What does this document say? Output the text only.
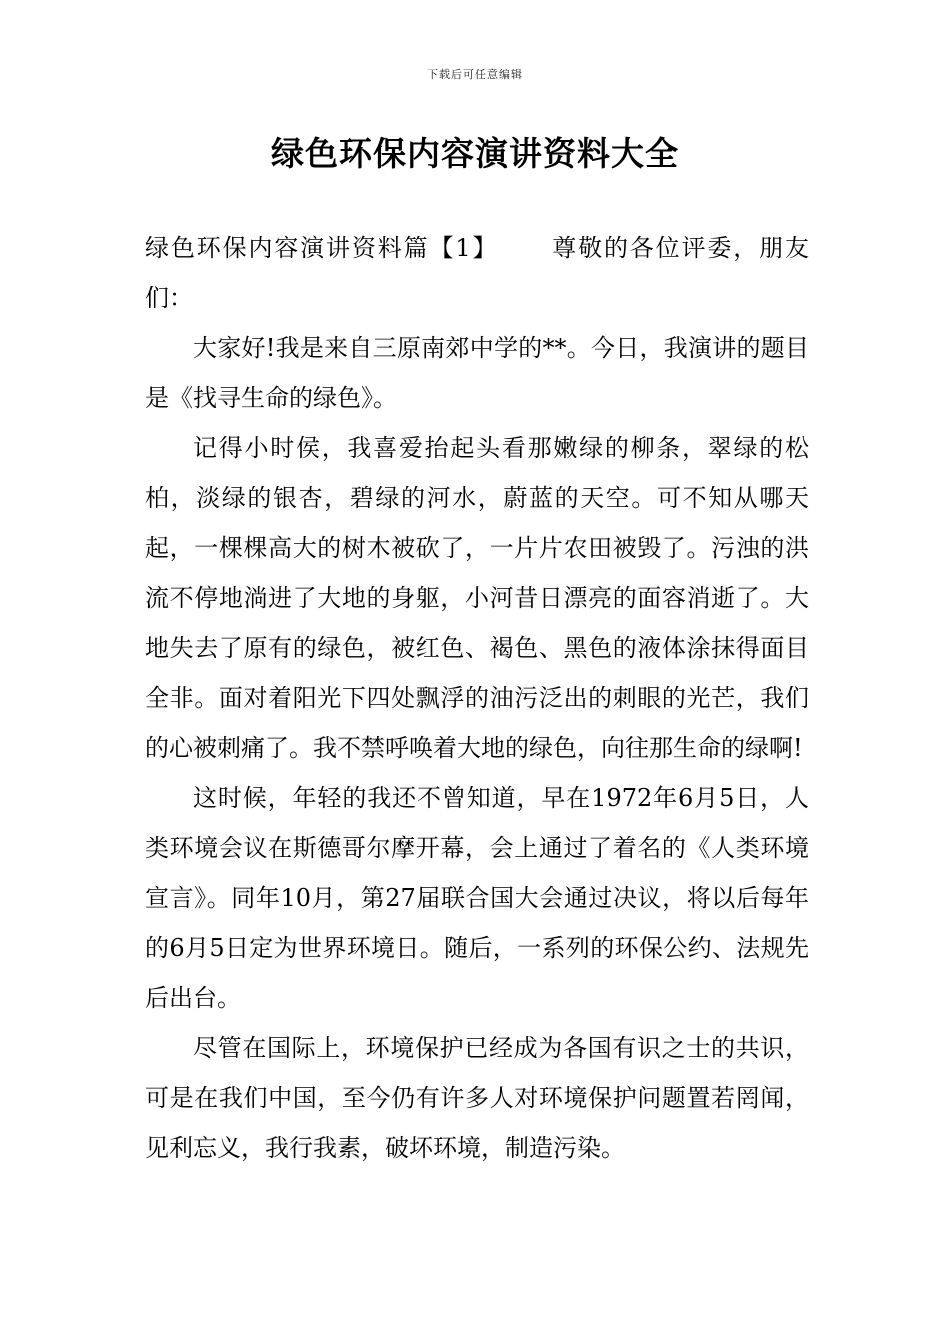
下载后可任意编辑
绿色环保内容演讲资料大全

绿色环保内容演讲资料篇【1】 尊敬的各位评委，朋友们：

大家好!我是来自三原南郊中学的**。今日，我演讲的题目是《找寻生命的绿色》。

记得小时侯，我喜爱抬起头看那嫩绿的柳条，翠绿的松柏，淡绿的银杏，碧绿的河水，蔚蓝的天空。可不知从哪天起，一棵棵高大的树木被砍了，一片片农田被毁了。污浊的洪流不停地淌进了大地的身躯，小河昔日漂亮的面容消逝了。大地失去了原有的绿色，被红色、褐色、黑色的液体涂抹得面目全非。面对着阳光下四处飘浮的油污泛出的刺眼的光芒，我们的心被刺痛了。我不禁呼唤着大地的绿色，向往那生命的绿啊!

这时候，年轻的我还不曾知道，早在1972年6月5日，人类环境会议在斯德哥尔摩开幕，会上通过了着名的《人类环境宣言》。同年10月，第27届联合国大会通过决议，将以后每年的6月5日定为世界环境日。随后，一系列的环保公约、法规先后出台。

尽管在国际上，环境保护已经成为各国有识之士的共识，可是在我们中国，至今仍有许多人对环境保护问题置若罔闻，见利忘义，我行我素，破坏环境，制造污染。
